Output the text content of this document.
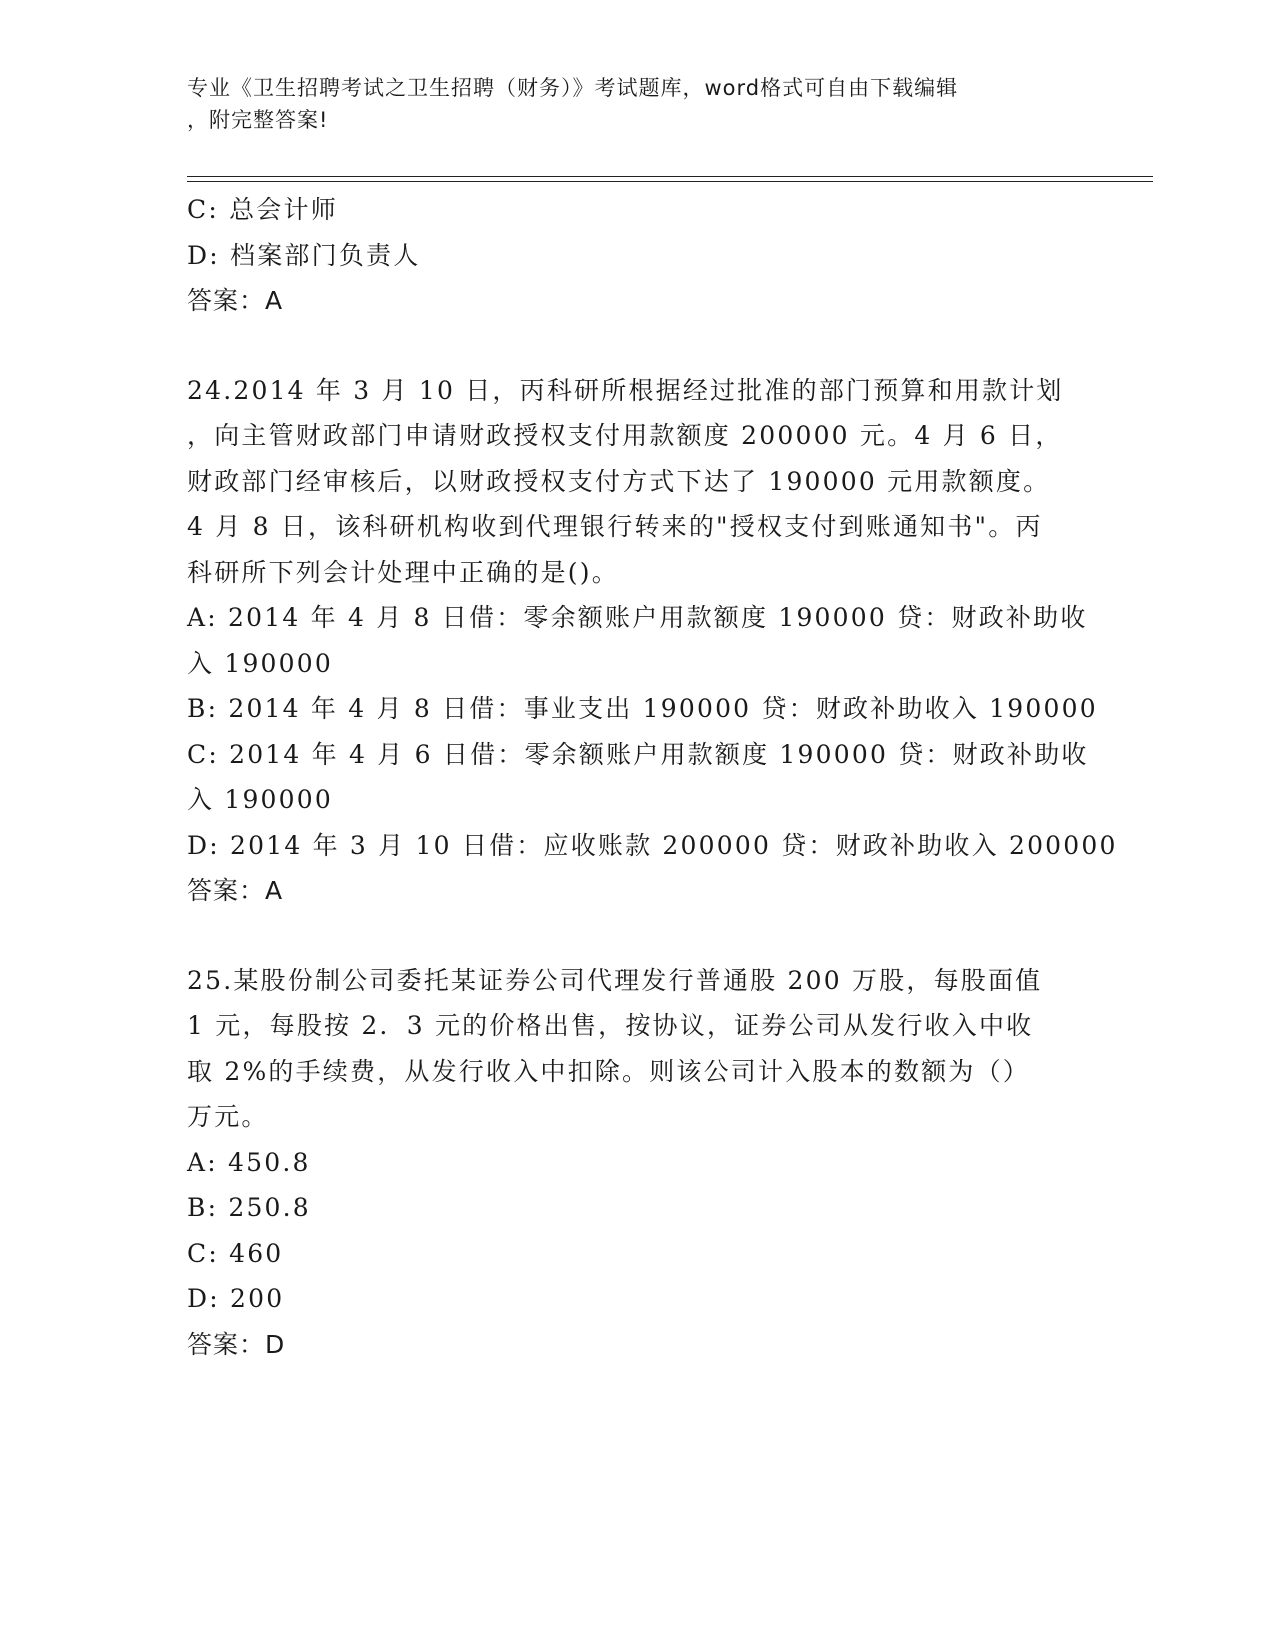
专业《卫生招聘考试之卫生招聘（财务）》考试题库，word格式可自由下载编辑
，附完整答案!
C: 总会计师
D: 档案部门负责人
答案：A
24.2014 年 3 月 10 日，丙科研所根据经过批准的部门预算和用款计划
，向主管财政部门申请财政授权支付用款额度 200000 元。4 月 6 日，
财政部门经审核后，以财政授权支付方式下达了 190000 元用款额度。
4 月 8 日，该科研机构收到代理银行转来的"授权支付到账通知书"。丙
科研所下列会计处理中正确的是()。
A: 2014 年 4 月 8 日借：零余额账户用款额度 190000 贷：财政补助收
入 190000
B: 2014 年 4 月 8 日借：事业支出 190000 贷：财政补助收入 190000
C: 2014 年 4 月 6 日借：零余额账户用款额度 190000 贷：财政补助收
入 190000
D: 2014 年 3 月 10 日借：应收账款 200000 贷：财政补助收入 200000
答案：A
25.某股份制公司委托某证券公司代理发行普通股 200 万股，每股面值
1 元，每股按 2．3 元的价格出售，按协议，证券公司从发行收入中收
取 2%的手续费，从发行收入中扣除。则该公司计入股本的数额为（）
万元。
A: 450.8
B: 250.8
C: 460
D: 200
答案：D
